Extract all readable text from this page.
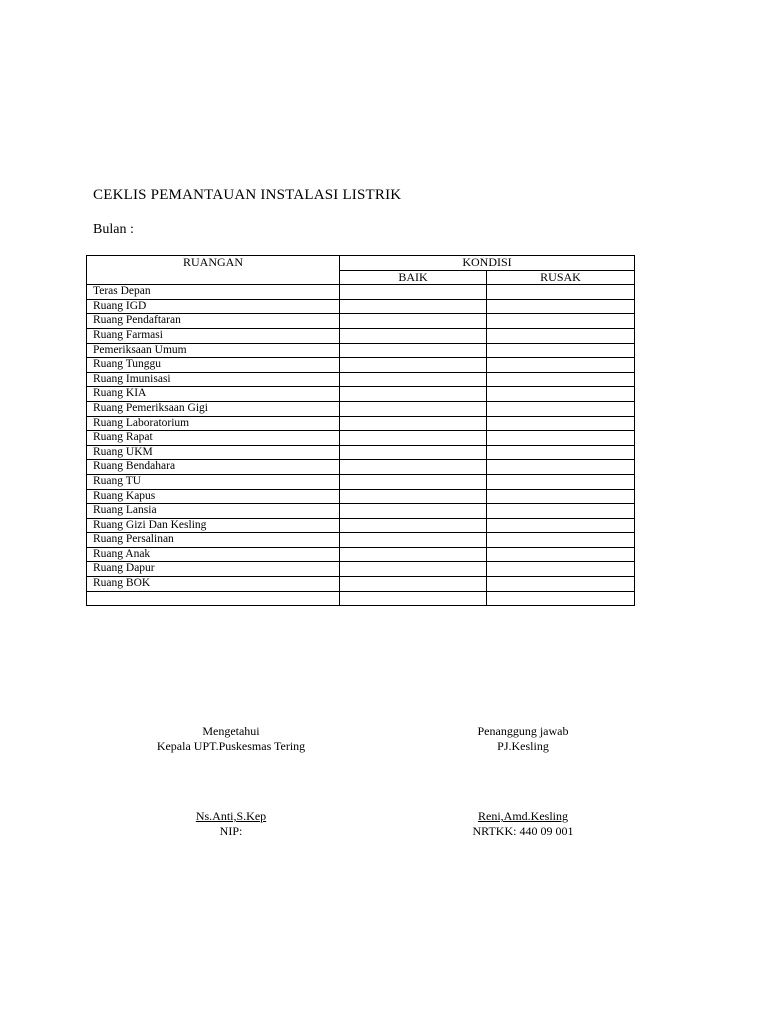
CEKLIS PEMANTAUAN INSTALASI LISTRIK
Bulan :
RUANGAN	KONDISI	
	BAIK	RUSAK
Teras Depan		
Ruang IGD		
Ruang Pendaftaran		
Ruang Farmasi		
Pemeriksaan Umum		
Ruang Tunggu		
Ruang Imunisasi		
Ruang KIA		
Ruang Pemeriksaan Gigi		
Ruang Laboratorium		
Ruang Rapat		
Ruang UKM		
Ruang Bendahara		
Ruang TU		
Ruang Kapus		
Ruang Lansia		
Ruang Gizi Dan Kesling		
Ruang Persalinan		
Ruang Anak		
Ruang Dapur		
Ruang BOK		

Mengetahui
Kepala UPT.Puskesmas Tering
Ns.Anti,S.Kep
NIP:
Penanggung jawab
PJ.Kesling
Reni,Amd.Kesling
NRTKK: 440 09 001
